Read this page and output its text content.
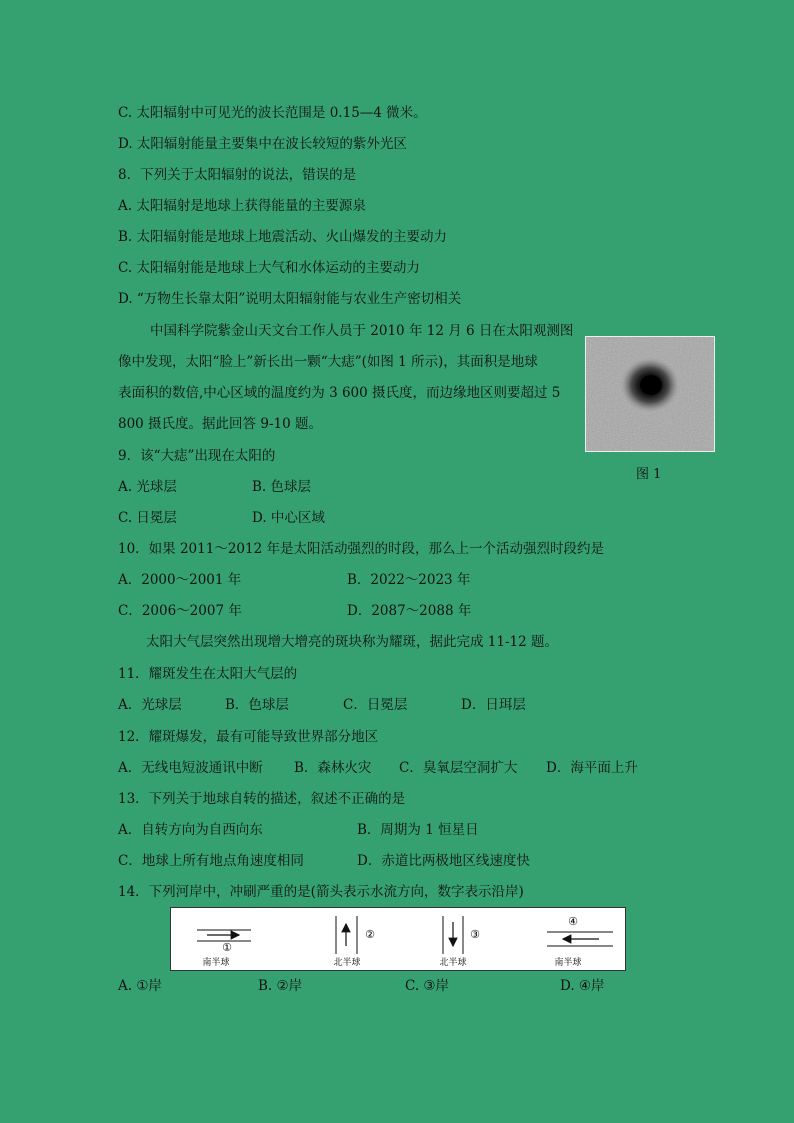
C. 太阳辐射中可见光的波长范围是 0.15—4 微米。
D. 太阳辐射能量主要集中在波长较短的紫外光区
8．下列关于太阳辐射的说法，错误的是
A. 太阳辐射是地球上获得能量的主要源泉
B. 太阳辐射能是地球上地震活动、火山爆发的主要动力
C. 太阳辐射能是地球上大气和水体运动的主要动力
D. “万物生长靠太阳”说明太阳辐射能与农业生产密切相关
中国科学院紫金山天文台工作人员于 2010 年 12 月 6 日在太阳观测图
像中发现，太阳“脸上”新长出一颗“大痣”(如图 1 所示)，其面积是地球
表面积的数倍,中心区域的温度约为 3 600 摄氏度，而边缘地区则要超过 5
800 摄氏度。据此回答 9-10 题。
图 1
9．该“大痣”出现在太阳的
A. 光球层	B. 色球层
C. 日冕层	D. 中心区域
10．如果 2011～2012 年是太阳活动强烈的时段，那么上一个活动强烈时段约是
A．2000～2001 年	B．2022～2023 年
C．2006～2007 年	D．2087～2088 年
太阳大气层突然出现增大增亮的斑块称为耀斑，据此完成 11-12 题。
11．耀斑发生在太阳大气层的
A．光球层	B．色球层	C．日冕层	D．日珥层
12．耀斑爆发，最有可能导致世界部分地区
A．无线电短波通讯中断 B．森林火灾 C．臭氧层空洞扩大 D．海平面上升
13．下列关于地球自转的描述，叙述不正确的是
A．自转方向为自西向东	B．周期为 1 恒星日
C．地球上所有地点角速度相同	D．赤道比两极地区线速度快
14．下列河岸中，冲刷严重的是(箭头表示水流方向，数字表示沿岸)
①
南半球
②
北半球
③
北半球
④
南半球
A. ①岸	B. ②岸	C. ③岸	D. ④岸
